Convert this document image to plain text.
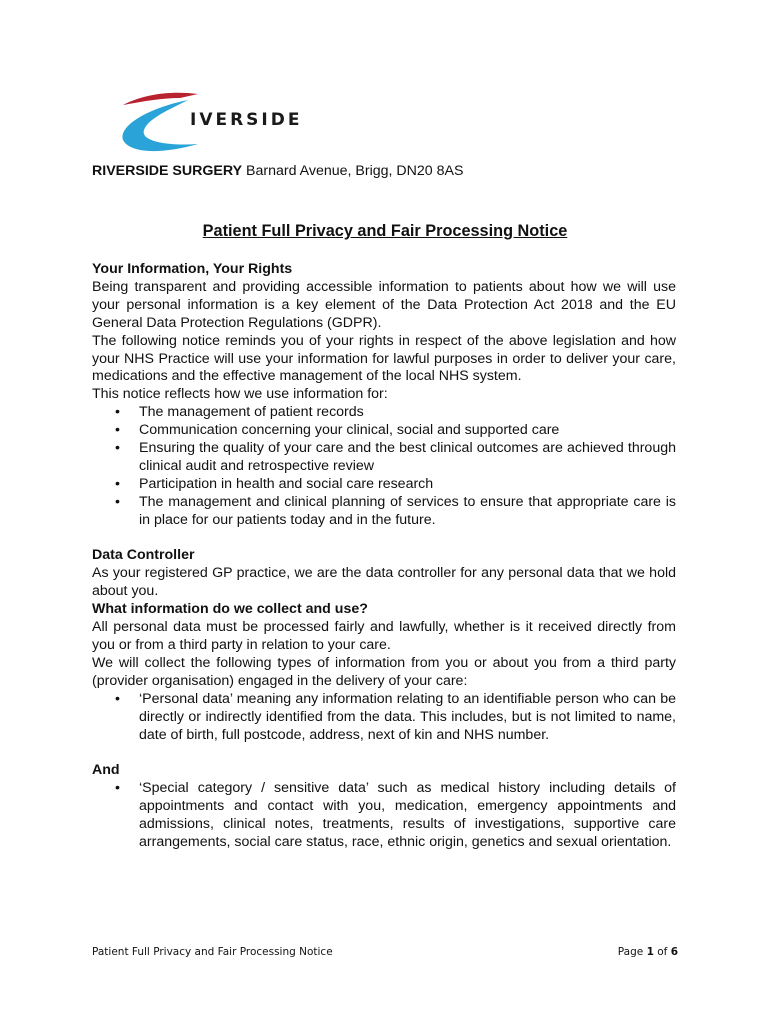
IVERSIDE
RIVERSIDE SURGERY Barnard Avenue, Brigg, DN20 8AS
Patient Full Privacy and Fair Processing Notice

Your Information, Your Rights

Being transparent and providing accessible information to patients about how we will use your personal information is a key element of the Data Protection Act 2018 and the EU General Data Protection Regulations (GDPR).

The following notice reminds you of your rights in respect of the above legislation and how your NHS Practice will use your information for lawful purposes in order to deliver your care, medications and the effective management of the local NHS system.

This notice reflects how we use information for:

• The management of patient records
• Communication concerning your clinical, social and supported care
• Ensuring the quality of your care and the best clinical outcomes are achieved through clinical audit and retrospective review
• Participation in health and social care research
• The management and clinical planning of services to ensure that appropriate care is in place for our patients today and in the future.

Data Controller

As your registered GP practice, we are the data controller for any personal data that we hold about you.

What information do we collect and use?

All personal data must be processed fairly and lawfully, whether is it received directly from you or from a third party in relation to your care.

We will collect the following types of information from you or about you from a third party (provider organisation) engaged in the delivery of your care:

• ‘Personal data’ meaning any information relating to an identifiable person who can be directly or indirectly identified from the data. This includes, but is not limited to name, date of birth, full postcode, address, next of kin and NHS number.

And

• ‘Special category / sensitive data’ such as medical history including details of appointments and contact with you, medication, emergency appointments and admissions, clinical notes, treatments, results of investigations, supportive care arrangements, social care status, race, ethnic origin, genetics and sexual orientation.
Patient Full Privacy and Fair Processing Notice	Page 1 of 6
